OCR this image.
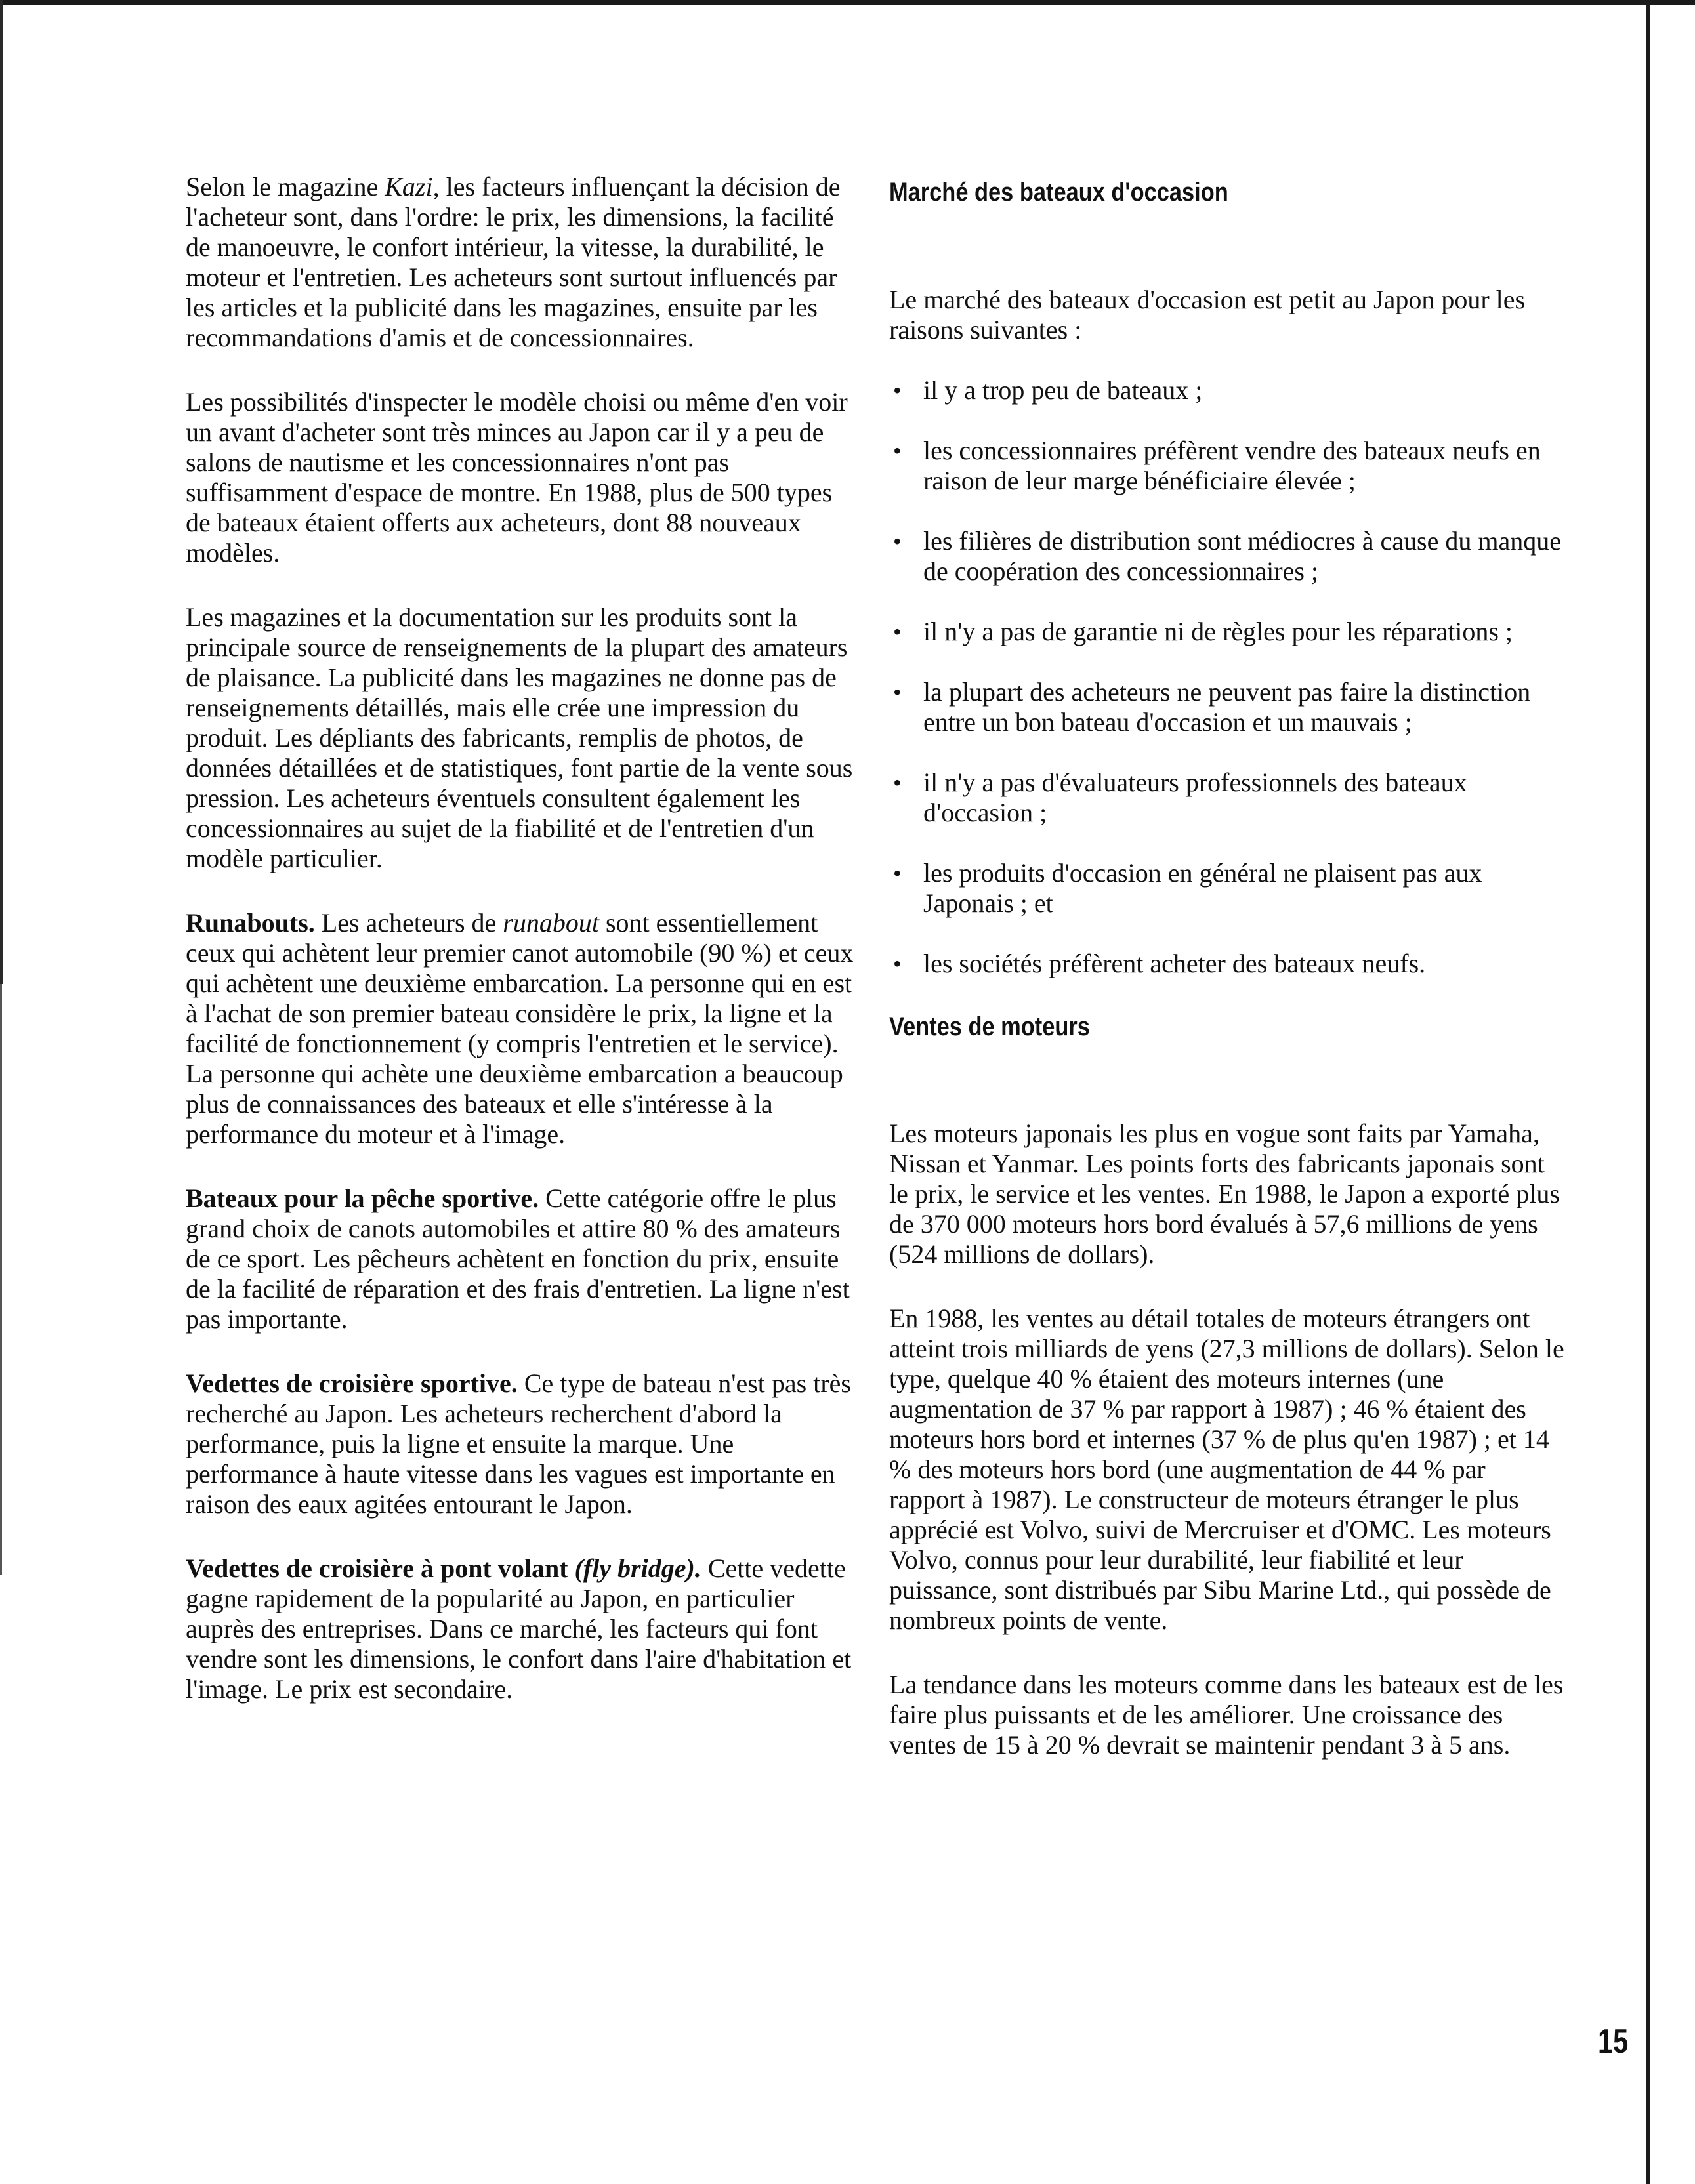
Selon le magazine Kazi, les facteurs influençant la décision de l'acheteur sont, dans l'ordre: le prix, les dimensions, la facilité de manoeuvre, le confort intérieur, la vitesse, la durabilité, le moteur et l'entretien. Les acheteurs sont surtout influencés par les articles et la publicité dans les magazines, ensuite par les recommandations d'amis et de concessionnaires.

Les possibilités d'inspecter le modèle choisi ou même d'en voir un avant d'acheter sont très minces au Japon car il y a peu de salons de nautisme et les concessionnaires n'ont pas suffisamment d'espace de montre. En 1988, plus de 500 types de bateaux étaient offerts aux acheteurs, dont 88 nouveaux modèles.

Les magazines et la documentation sur les produits sont la principale source de renseignements de la plupart des amateurs de plaisance. La publicité dans les magazines ne donne pas de renseignements détaillés, mais elle crée une impression du produit. Les dépliants des fabricants, remplis de photos, de données détaillées et de statistiques, font partie de la vente sous pression. Les acheteurs éventuels consultent également les concessionnaires au sujet de la fiabilité et de l'entretien d'un modèle particulier.

Runabouts. Les acheteurs de runabout sont essentiellement ceux qui achètent leur premier canot automobile (90 %) et ceux qui achètent une deuxième embarcation. La personne qui en est à l'achat de son premier bateau considère le prix, la ligne et la facilité de fonctionnement (y compris l'entretien et le service). La personne qui achète une deuxième embarcation a beaucoup plus de connaissances des bateaux et elle s'intéresse à la performance du moteur et à l'image.

Bateaux pour la pêche sportive. Cette catégorie offre le plus grand choix de canots automobiles et attire 80 % des amateurs de ce sport. Les pêcheurs achètent en fonction du prix, ensuite de la facilité de réparation et des frais d'entretien. La ligne n'est pas importante.

Vedettes de croisière sportive. Ce type de bateau n'est pas très recherché au Japon. Les acheteurs recherchent d'abord la performance, puis la ligne et ensuite la marque. Une performance à haute vitesse dans les vagues est importante en raison des eaux agitées entourant le Japon.

Vedettes de croisière à pont volant (fly bridge). Cette vedette gagne rapidement de la popularité au Japon, en particulier auprès des entreprises. Dans ce marché, les facteurs qui font vendre sont les dimensions, le confort dans l'aire d'habitation et l'image. Le prix est secondaire.

Marché des bateaux d'occasion

Le marché des bateaux d'occasion est petit au Japon pour les raisons suivantes :

• il y a trop peu de bateaux ;
• les concessionnaires préfèrent vendre des bateaux neufs en raison de leur marge bénéficiaire élevée ;
• les filières de distribution sont médiocres à cause du manque de coopération des concessionnaires ;
• il n'y a pas de garantie ni de règles pour les réparations ;
• la plupart des acheteurs ne peuvent pas faire la distinction entre un bon bateau d'occasion et un mauvais ;
• il n'y a pas d'évaluateurs professionnels des bateaux d'occasion ;
• les produits d'occasion en général ne plaisent pas aux Japonais ; et
• les sociétés préfèrent acheter des bateaux neufs.
Ventes de moteurs

Les moteurs japonais les plus en vogue sont faits par Yamaha, Nissan et Yanmar. Les points forts des fabricants japonais sont le prix, le service et les ventes. En 1988, le Japon a exporté plus de 370 000 moteurs hors bord évalués à 57,6 millions de yens (524 millions de dollars).

En 1988, les ventes au détail totales de moteurs étrangers ont atteint trois milliards de yens (27,3 millions de dollars). Selon le type, quelque 40 % étaient des moteurs internes (une augmentation de 37 % par rapport à 1987) ; 46 % étaient des moteurs hors bord et internes (37 % de plus qu'en 1987) ; et 14 % des moteurs hors bord (une augmentation de 44 % par rapport à 1987). Le constructeur de moteurs étranger le plus apprécié est Volvo, suivi de Mercruiser et d'OMC. Les moteurs Volvo, connus pour leur durabilité, leur fiabilité et leur puissance, sont distribués par Sibu Marine Ltd., qui possède de nombreux points de vente.

La tendance dans les moteurs comme dans les bateaux est de les faire plus puissants et de les améliorer. Une croissance des ventes de 15 à 20 % devrait se maintenir pendant 3 à 5 ans.

15
